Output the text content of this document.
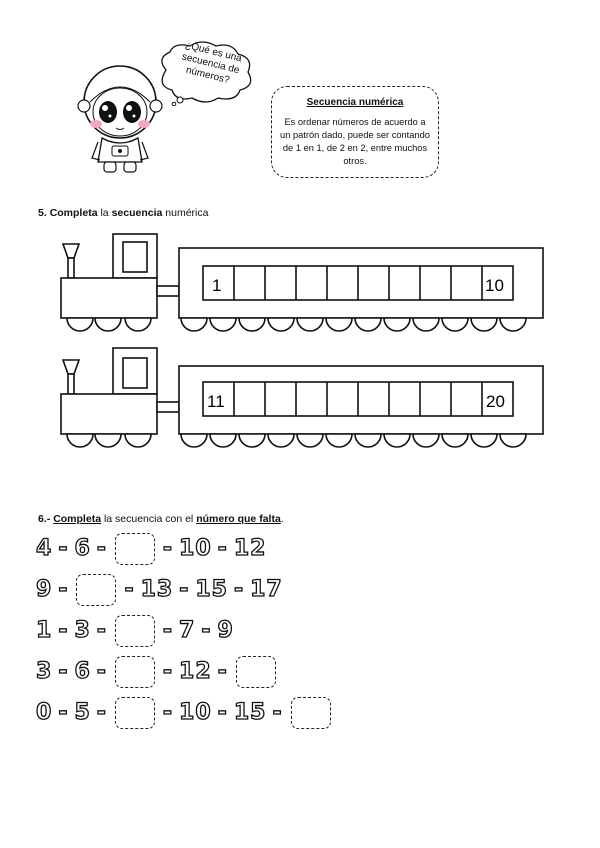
¿Qué es una secuencia de números?
Secuencia numérica
Es ordenar números de acuerdo a un patrón dado, puede ser contando de 1 en 1, de 2 en 2, entre muchos otros.
5. Completa la secuencia numérica
1	10
11	20
6.- Completa la secuencia con el número que falta.
4 - 6 -	- 10 - 12
9 -	- 13 - 15 - 17
1 - 3 -	- 7 - 9
3 - 6 -	- 12 -
0 - 5 -	- 10 - 15 -
